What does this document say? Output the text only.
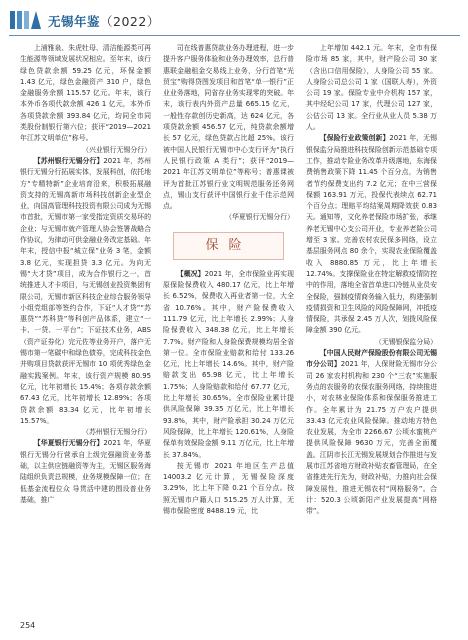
无锡年鉴（2022）

上浦雅泉、朱虎牡母、清洁能源类可再生能源等领域发展状况相应。至年末，该行绿色贷款余额 59.25 亿元，环保金额 1.43 亿元，绿色金融资产 310 户，绿色金融服务余额 115.57 亿元。年末，该行本外币各项代款余额 426 1 亿元，本外币各项贷款余额 393.84 亿元，均同全市同类股份制银行第六位；获评“2019—2021 年江苏文明单位”称号。

（兴业银行无锡分行）

【苏州银行无锡分行】2021 年，苏州银行无锡分行拓展实体，发展科创，依托地方“专精特新”企业培育沿来，积极拓展融资支持的无锡高新市场科技创新企业型企业，向国高管理科技投资有限公司成为无锡市首批，无锡市第一家受指定资质交易环的企业；与无锡市就产管理人协会签署战略合作协议，为律动可供金融业务改定基础。年年末，授信中报“城立保”业务 3 笔，金额 3.8 亿元，实现担贷 3.3 亿元。为向无锡“大才贷”项目，成为合作银行之一，首统推进人才卡项目，与无锡创业投资集团有限公司，无锡市新区科技企业综合服务领导小组党组部等签约合作，下证“人才贷”“苏惠贷”“苏科贷”等科创产品体系，建立“一卡、一贷、一平台”；下证技术业务，ABS（资产证券化）完元佐等业务开户，落户无锡市第一笔碳中和绿色债券，完成科技金色并购项目贷款获评无锡市 10 项优秀绿色金融实践案例。年末，该行资产规模 80.95 亿元，比年初增长 15.4%；各项存款余额 67.43 亿元，比年初增长 12.89%；各项贷款余额 83.34 亿元，比年初增长 15.57%。

（苏州银行无锡分行）

【华夏银行无锡分行】2021 年，华夏银行无锡分行营承自上级完强融资业务基础，以主供应链融资等为主，无锡区服务海陆组织负责总规模，业务规模保障一位；在低基金流程位众 导贯活中建的围设普业务基础，推广

司在线普惠贷款业务办理进程，进一步提升客户服务体验和业务办理效率，总行普惠联金融租金交易线上业务，分行首笔“光贸宝”购得贷图发项目和首笔“单一银行”正业业务落地，同省存业务实现零的突破。年末，该行表内外资产总量 665.15 亿元，一般性存款创历史新高，达 624 亿元，各项贷款余额 456.57 亿元，纯贷款余额增长 57 亿元，绿色贷款占比超 25%。该行被中国人民银行无锡市中心支行评为“执行人民银行政策 A 类行”；获评“2019—2021 年江苏文明单位”等称号；普惠课被评为首批江苏银行业文明规范服务还务网点，锡山支行获评中国银行业千佳示范网点。

（华夏银行无锡分行）

保险

【概况】2021 年，全市保险业再实现原保险保费收入 480.17 亿元，比上年增长 6.52%，保费收入再业者第一位，大全省 10.76%。其中，财产险保费收入 111.79 亿元，比上年增长 2.99%；人身险保费收入 348.38 亿元，比上年增长 7.7%。财产险和人身险保费规模均居全省第一位。全市保险业赔款和给付 133.26 亿元，比上年增长 14.6%。其中，财产险赔款支出 65.98 亿元，比上年增长 1.75%；人身险赔款和给付 67.77 亿元，比上年增长 30.65%。全市保险业累计提供风险保障 39.35 万亿元，比上年增长 93.8%，其中，财产险承担 30.24 万亿元风险保障，比上年增长 120.61%，人身险保单有效保险金额 9.11 万亿元，比上年增长 37.84%。

按无锡市 2021 年地区生产总值 14003.2 亿元计算，无锡保险深度 3.29%，比上年下降 0.21 个百分点。按照无锡市户籍人口 515.25 万人计算，无锡市保险密度 8488.19 元，比

上年增加 442.1 元。年末，全市有保险市场 85 家，其中，财产险公司 30 家（含出口信用保险），人身险公司 55 家。人身险公司总公司 1 家（国联人寿），外资公司 19 家。保险专业中介机构 157 家，其中经纪公司 17 家，代理公司 127 家，公估公司 13 家。全行业从业人员 5.38 万人。

【保险行业政策创新】2021 年，无锡银保监分局推进科技保险创新示范基础专项工作，推动专险业务改革升级落地，东海保费销售政策下降 11.45 个百分点，为销售者节约保费支出约 7.2 亿元；在中三营保保额 163.91 万元，投保代表续点 62.71 个百分点；理赔平均结案周期降效获 0.83 天。通知等，文化养老保险市场扩张，承继养老无锡中心支公司开业，专业养老险公司增至 3 家。完善农村农民保多网络，设立基层服务网点 80 余个，实现农业保险覆盖收入 8880.85 万元，比上年增长 12.74%。支撑保险业在特定解救疫情防控中的作用，落地全省首单进口冷链从业员安全保险，强制疫情商务输入低力，构建强制疫情损资和卫生风险的风险保障网，冲抵疫情保险，共承保 2.45 万人次，划拨风险保障金额 390 亿元。

（无锡银保监分局）

【中国人民财产保险股份有限公司无锡市分公司】2021 年，人保财险无锡市分公司 26 家农村机构和 230 个“三农”实施服务点的农服务的农保农服务网络，持续推进小，对农林业保险体系和保保服务推进工作。全年累计为 21.75 万户农户提供 33.43 亿元农业风险保障。推动地方特色农业发展，为全市 2266.67 公顷水蜜桃产提供风险保障 9630 万元，完善全面覆盖。江阴市长江无锡发展规划合作推进与发展市江苏省地方财政补贴农畜管理局，在全省推进先行先为，财政补贴，力推向社会保障发展性，推进无锡农村“网格服务”。合计：520.3 公顷新阳产业发展提高“网格带”。

254
